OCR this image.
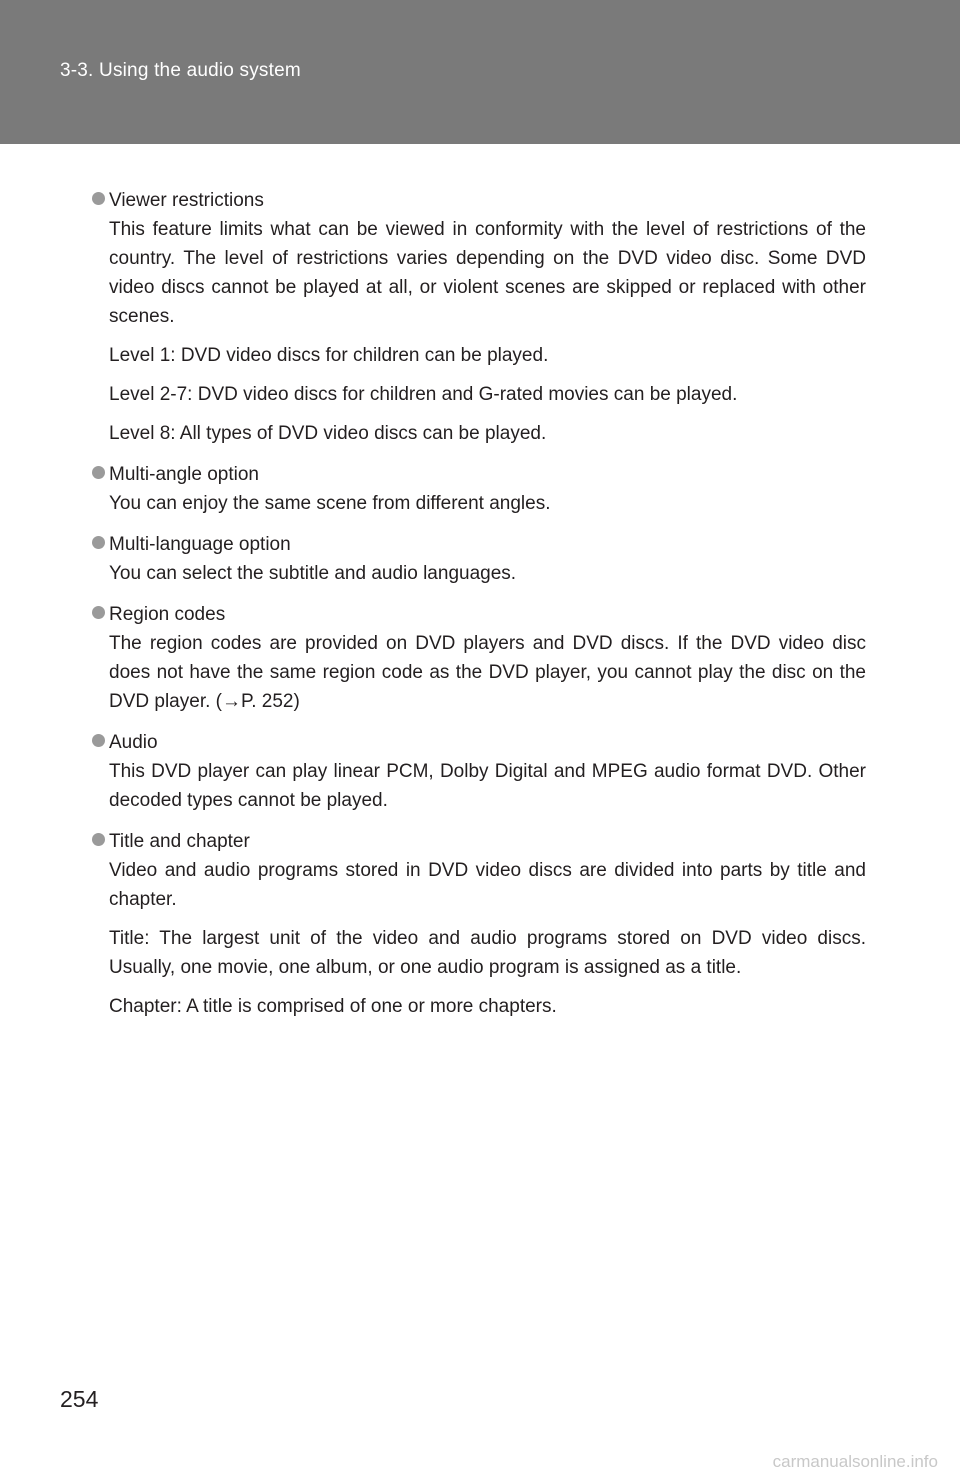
3-3. Using the audio system
Viewer restrictions
This feature limits what can be viewed in conformity with the level of restrictions of the country. The level of restrictions varies depending on the DVD video disc. Some DVD video discs cannot be played at all, or violent scenes are skipped or replaced with other scenes.
Level 1: DVD video discs for children can be played.
Level 2-7: DVD video discs for children and G-rated movies can be played.
Level 8: All types of DVD video discs can be played.
Multi-angle option
You can enjoy the same scene from different angles.
Multi-language option
You can select the subtitle and audio languages.
Region codes
The region codes are provided on DVD players and DVD discs. If the DVD video disc does not have the same region code as the DVD player, you cannot play the disc on the DVD player. (→P. 252)
Audio
This DVD player can play linear PCM, Dolby Digital and MPEG audio format DVD. Other decoded types cannot be played.
Title and chapter
Video and audio programs stored in DVD video discs are divided into parts by title and chapter.
Title: The largest unit of the video and audio programs stored on DVD video discs. Usually, one movie, one album, or one audio program is assigned as a title.
Chapter: A title is comprised of one or more chapters.
254
carmanualsonline.info
